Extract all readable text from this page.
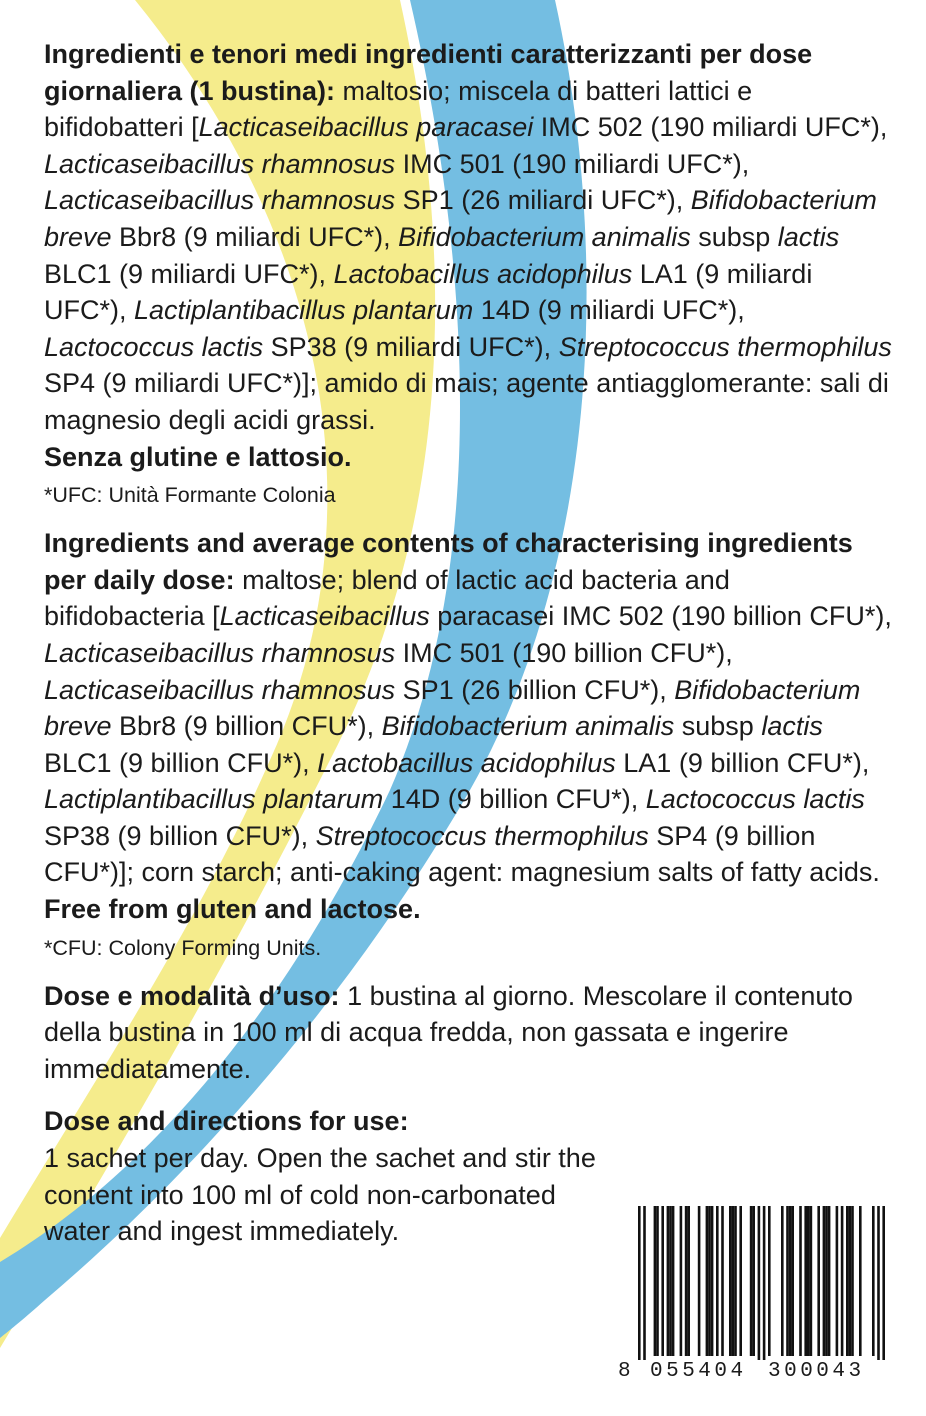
Ingredienti e tenori medi ingredienti caratterizzanti per dose giornaliera (1 bustina): maltosio; miscela di batteri lattici e bifidobatteri [Lacticaseibacillus paracasei IMC 502 (190 miliardi UFC*), Lacticaseibacillus rhamnosus IMC 501 (190 miliardi UFC*), Lacticaseibacillus rhamnosus SP1 (26 miliardi UFC*), Bifidobacterium breve Bbr8 (9 miliardi UFC*), Bifidobacterium animalis subsp lactis BLC1 (9 miliardi UFC*), Lactobacillus acidophilus LA1 (9 miliardi UFC*), Lactiplantibacillus plantarum 14D (9 miliardi UFC*), Lactococcus lactis SP38 (9 miliardi UFC*), Streptococcus thermophilus SP4 (9 miliardi UFC*)]; amido di mais; agente antiagglomerante: sali di magnesio degli acidi grassi.
Senza glutine e lattosio.

*UFC: Unità Formante Colonia

Ingredients and average contents of characterising ingredients per daily dose: maltose; blend of lactic acid bacteria and bifidobacteria [Lacticaseibacillus paracasei IMC 502 (190 billion CFU*), Lacticaseibacillus rhamnosus IMC 501 (190 billion CFU*), Lacticaseibacillus rhamnosus SP1 (26 billion CFU*), Bifidobacterium breve Bbr8 (9 billion CFU*), Bifidobacterium animalis subsp lactis BLC1 (9 billion CFU*), Lactobacillus acidophilus LA1 (9 billion CFU*), Lactiplantibacillus plantarum 14D (9 billion CFU*), Lactococcus lactis SP38 (9 billion CFU*), Streptococcus thermophilus SP4 (9 billion CFU*)]; corn starch; anti-caking agent: magnesium salts of fatty acids. Free from gluten and lactose.

*CFU: Colony Forming Units.

Dose e modalità d’uso: 1 bustina al giorno. Mescolare il contenuto della bustina in 100 ml di acqua fredda, non gassata e ingerire immediatamente.

Dose and directions for use:
1 sachet per day. Open the sachet and stir the content into 100 ml of cold non-carbonated water and ingest immediately.

8 055404 300043
